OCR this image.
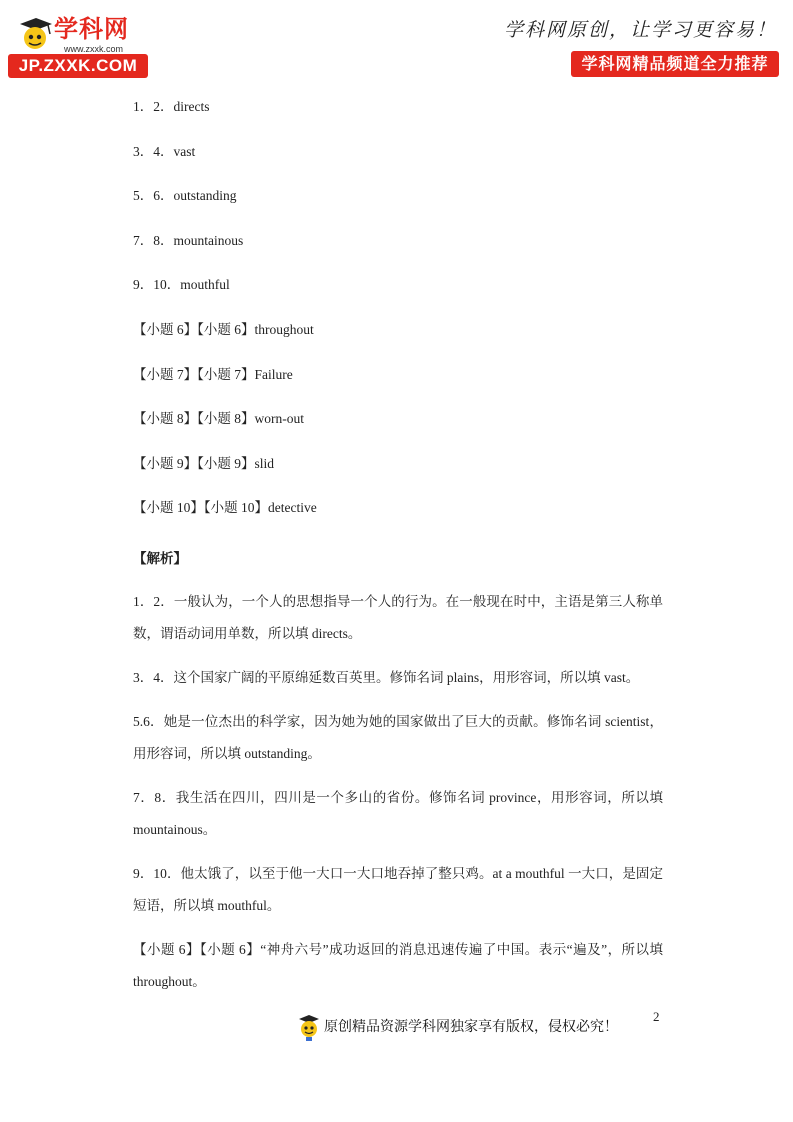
学科网
www.zxxk.com
JP.ZXXK.COM
学科网原创，让学习更容易！
学科网精品频道全力推荐

1．2．directs

3．4．vast

5．6．outstanding

7．8．mountainous

9．10．mouthful

【小题 6】【小题 6】throughout

【小题 7】【小题 7】Failure

【小题 8】【小题 8】worn-out

【小题 9】【小题 9】slid

【小题 10】【小题 10】detective

【解析】

1．2．一般认为，一个人的思想指导一个人的行为。在一般现在时中，主语是第三人称单数，谓语动词用单数，所以填 directs。

3．4．这个国家广阔的平原绵延数百英里。修饰名词 plains，用形容词，所以填 vast。

5.6．她是一位杰出的科学家，因为她为她的国家做出了巨大的贡献。修饰名词 scientist，用形容词，所以填 outstanding。

7．8．我生活在四川，四川是一个多山的省份。修饰名词 province，用形容词，所以填 mountainous。

9．10．他太饿了，以至于他一大口一大口地吞掉了整只鸡。at a mouthful 一大口，是固定短语，所以填 mouthful。

【小题 6】【小题 6】“神舟六号”成功返回的消息迅速传遍了中国。表示“遍及”，所以填 throughout。

2
原创精品资源学科网独家享有版权，侵权必究！
